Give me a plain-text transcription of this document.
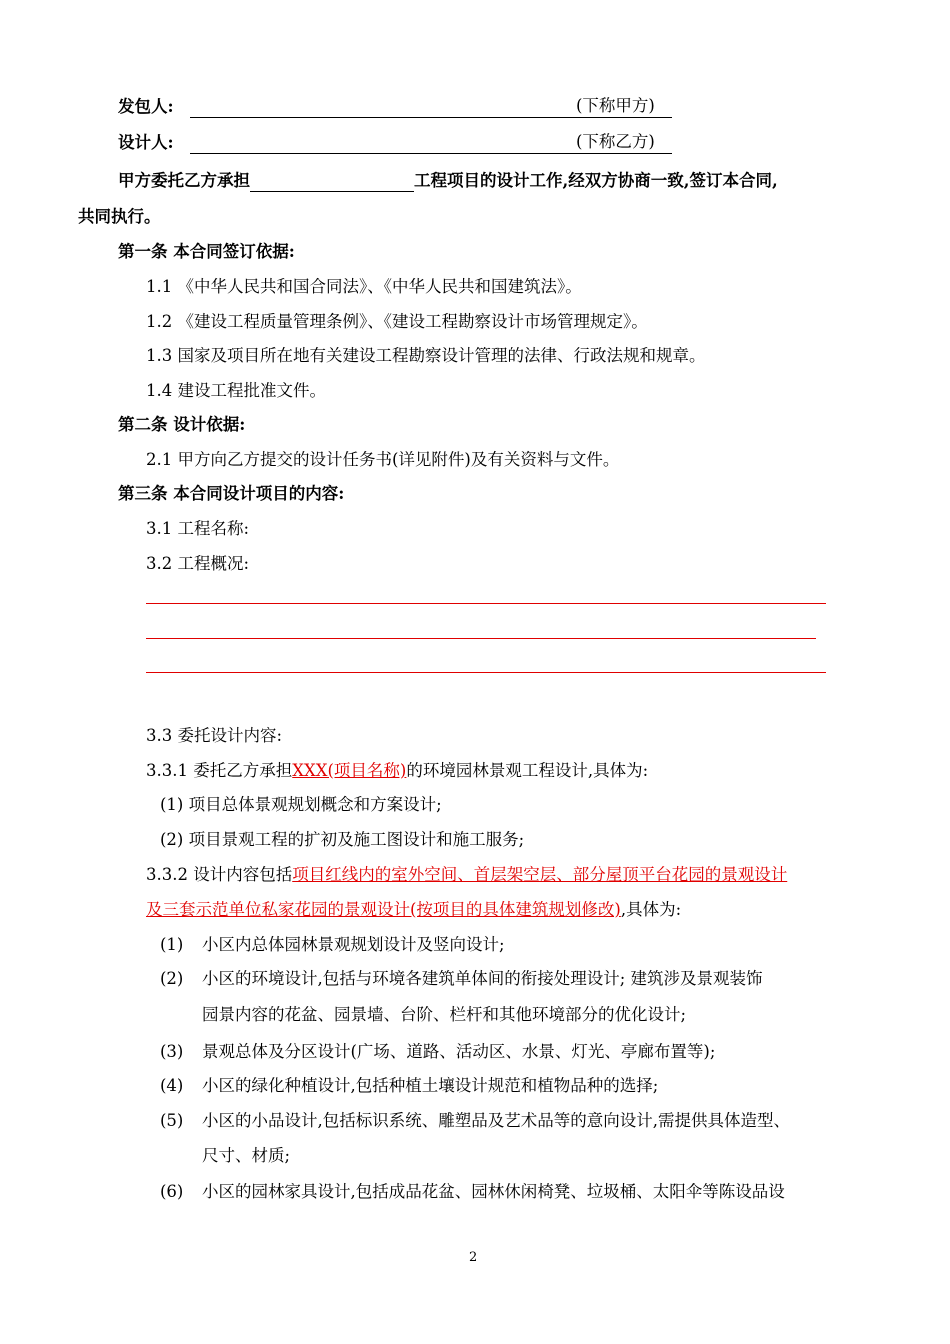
发包人:	(下称甲方)
设计人:	(下称乙方)
甲方委托乙方承担	工程项目的设计工作,经双方协商一致,签订本合同,
共同执行。
第一条 本合同签订依据:
1.1 《中华人民共和国合同法》、《中华人民共和国建筑法》。
1.2 《建设工程质量管理条例》、《建设工程勘察设计市场管理规定》。
1.3 国家及项目所在地有关建设工程勘察设计管理的法律、行政法规和规章。
1.4 建设工程批准文件。
第二条 设计依据:
2.1 甲方向乙方提交的设计任务书(详见附件)及有关资料与文件。
第三条 本合同设计项目的内容:
3.1 工程名称:
3.2 工程概况:
3.3 委托设计内容:
3.3.1 委托乙方承担XXX(项目名称)的环境园林景观工程设计,具体为:
(1) 项目总体景观规划概念和方案设计;
(2) 项目景观工程的扩初及施工图设计和施工服务;
3.3.2 设计内容包括项目红线内的室外空间、首层架空层、部分屋顶平台花园的景观设计
及三套示范单位私家花园的景观设计(按项目的具体建筑规划修改),具体为:
(1) 小区内总体园林景观规划设计及竖向设计;
(2) 小区的环境设计,包括与环境各建筑单体间的衔接处理设计; 建筑涉及景观装饰
园景内容的花盆、园景墙、台阶、栏杆和其他环境部分的优化设计;
(3) 景观总体及分区设计(广场、道路、活动区、水景、灯光、亭廊布置等);
(4) 小区的绿化种植设计,包括种植土壤设计规范和植物品种的选择;
(5) 小区的小品设计,包括标识系统、雕塑品及艺术品等的意向设计,需提供具体造型、
尺寸、材质;
(6) 小区的园林家具设计,包括成品花盆、园林休闲椅凳、垃圾桶、太阳伞等陈设品设
2
